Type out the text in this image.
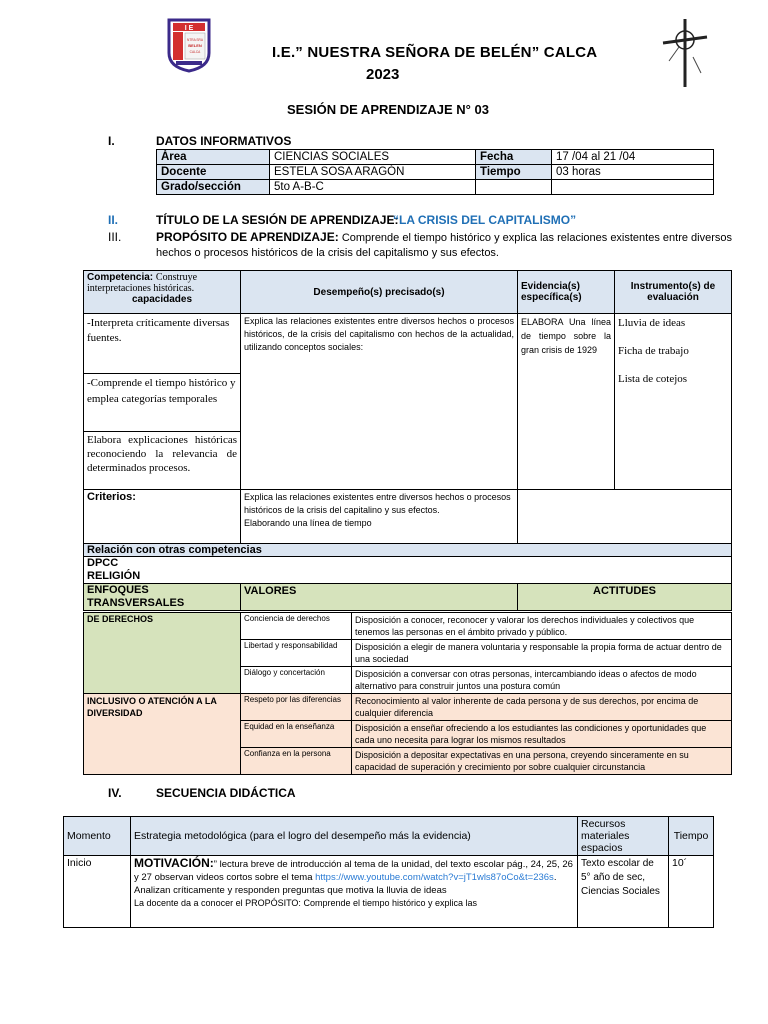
I E
NTRA SRA
BELEN
CALCA	I.E.” NUESTRA SEÑORA DE BELÉN” CALCA
2023
SESIÓN DE APRENDIZAJE N° 03
I.	DATOS INFORMATIVOS
Área	CIENCIAS SOCIALES	Fecha	17 /04 al 21 /04
Docente	ESTELA SOSA ARAGÓN	Tiempo	03 horas
Grado/sección	5to A-B-C		
II.	TÍTULO DE LA SESIÓN DE APRENDIZAJE:
“LA CRISIS DEL CAPITALISMO”
III.	PROPÓSITO DE APRENDIZAJE: Comprende el tiempo histórico y explica las relaciones existentes entre diversos hechos o procesos históricos de la crisis del capitalismo y sus efectos.
Competencia: Construye interpretaciones históricas.
capacidades	Desempeño(s) precisado(s)	Evidencia(s) específica(s)	Instrumento(s) de evaluación
-Interpreta críticamente diversas fuentes.	Explica las relaciones existentes entre diversos hechos o procesos históricos, de la crisis del capitalismo con hechos de la actualidad, utilizando conceptos sociales:	ELABORA Una línea de tiempo sobre la gran crisis de 1929	Lluvia de ideas

Ficha de trabajo

Lista de cotejos

-Comprende el tiempo histórico y emplea categorías temporales			
Elabora explicaciones históricas reconociendo la relevancia de determinados procesos.			
Criterios:	Explica las relaciones existentes entre diversos hechos o procesos históricos de la crisis del capitalino y sus efectos.

Elaborando una línea de tiempo		

Relación con otras competencias			

DPCC

RELIGIÓN			

ENFOQUES TRANSVERSALES	VALORES	ACTITUDES	
DE DERECHOS	Conciencia de derechos	Disposición a conocer, reconocer y valorar los derechos individuales y colectivos que tenemos las personas en el ámbito privado y público.
	Libertad y responsabilidad	Disposición a elegir de manera voluntaria y responsable la propia forma de actuar dentro de una sociedad
	Diálogo y concertación	Disposición a conversar con otras personas, intercambiando ideas o afectos de modo alternativo para construir juntos una postura común
INCLUSIVO O ATENCIÓN A LA DIVERSIDAD	Respeto por las diferencias	Reconocimiento al valor inherente de cada persona y de sus derechos, por encima de cualquier diferencia
	Equidad en la enseñanza	Disposición a enseñar ofreciendo a los estudiantes las condiciones y oportunidades que cada uno necesita para lograr los mismos resultados
	Confianza en la persona	Disposición a depositar expectativas en una persona, creyendo sinceramente en su capacidad de superación y crecimiento por sobre cualquier circunstancia
IV.	SECUENCIA DIDÁCTICA
Momento	Estrategia metodológica (para el logro del desempeño más la evidencia)	Recursos materiales espacios	Tiempo
Inicio	MOTIVACIÓN:” lectura breve de introducción al tema de la unidad, del texto escolar pág., 24, 25, 26 y 27 observan videos cortos sobre el tema https://www.youtube.com/watch?v=jT1wls87oCo&t=236s. Analizan críticamente y responden preguntas que motiva la lluvia de ideas
La docente da a conocer el PROPÓSITO: Comprende el tiempo histórico y explica las	Texto escolar de 5° año de sec, Ciencias Sociales	10´
